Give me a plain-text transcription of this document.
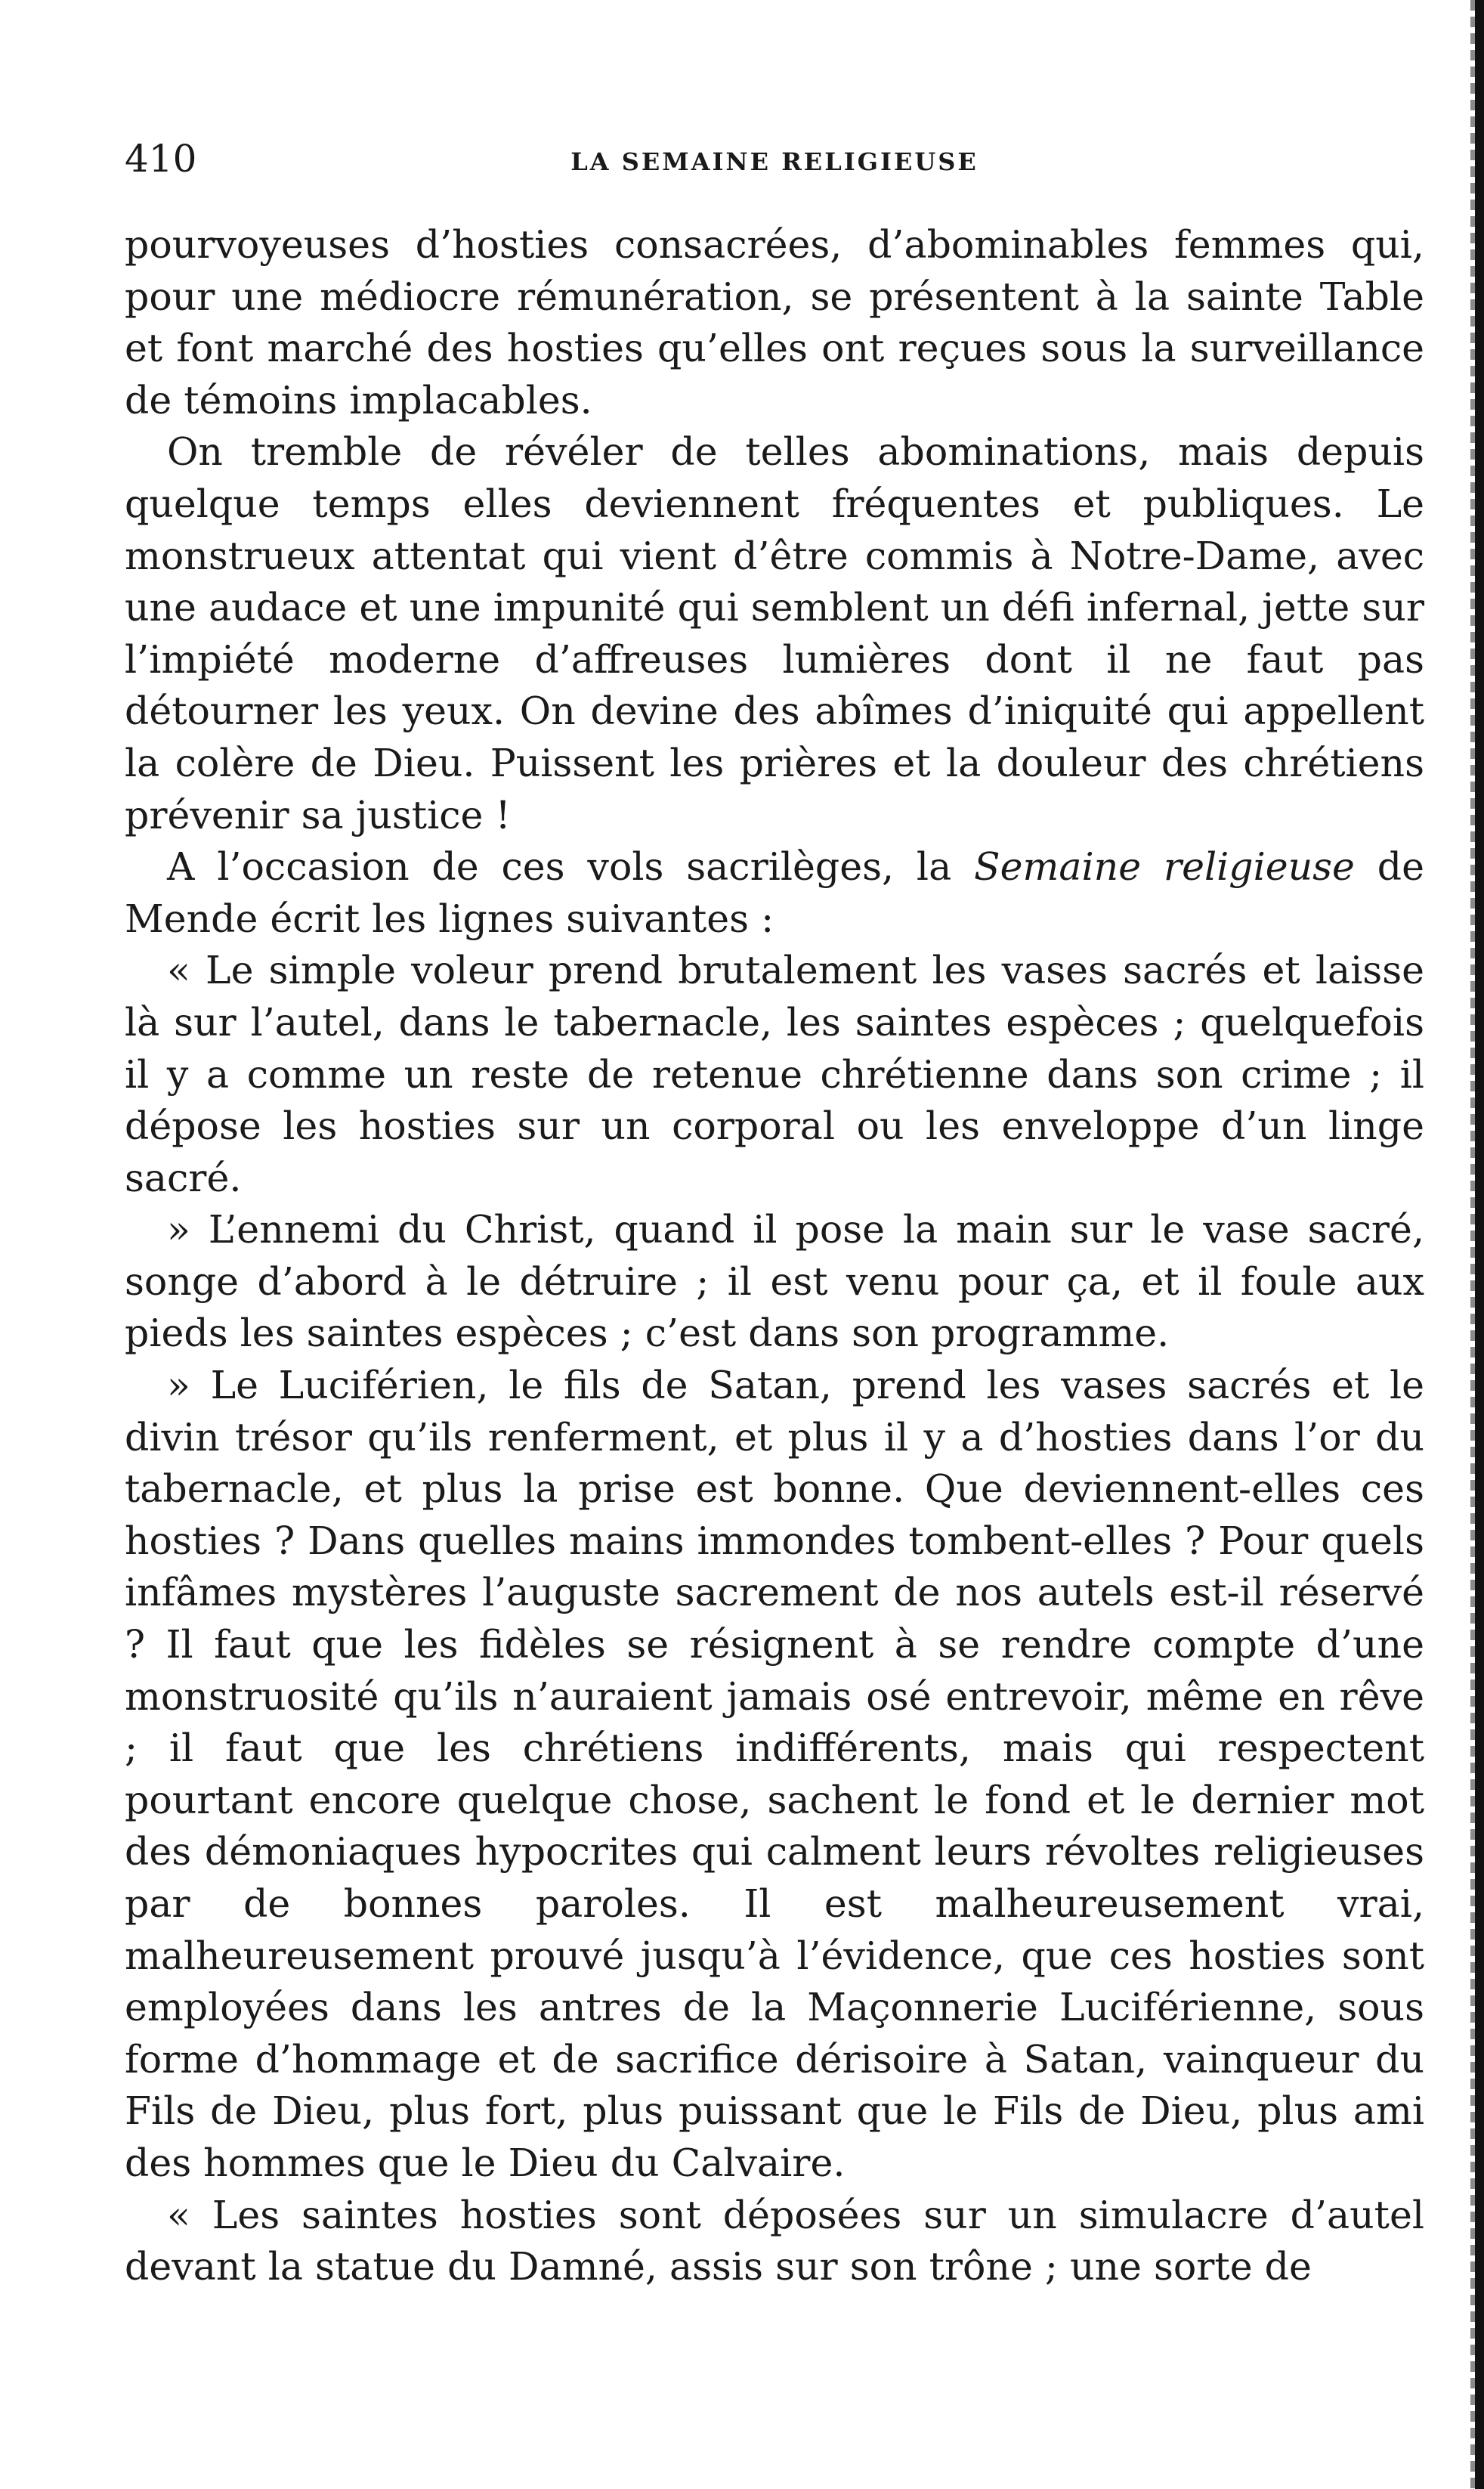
410	LA SEMAINE RELIGIEUSE

pourvoyeuses d’hosties consacrées, d’abominables femmes qui, pour une médiocre rémunération, se présentent à la sainte Table et font marché des hosties qu’elles ont reçues sous la surveillance de témoins implacables.

On tremble de révéler de telles abominations, mais depuis quelque temps elles deviennent fréquentes et publiques. Le monstrueux attentat qui vient d’être commis à Notre-Dame, avec une audace et une impunité qui semblent un défi infernal, jette sur l’impiété moderne d’affreuses lumières dont il ne faut pas détourner les yeux. On devine des abîmes d’iniquité qui appellent la colère de Dieu. Puissent les prières et la douleur des chrétiens prévenir sa justice !

A l’occasion de ces vols sacrilèges, la Semaine religieuse de Mende écrit les lignes suivantes :

« Le simple voleur prend brutalement les vases sacrés et laisse là sur l’autel, dans le tabernacle, les saintes espèces ; quelquefois il y a comme un reste de retenue chrétienne dans son crime ; il dépose les hosties sur un corporal ou les enveloppe d’un linge sacré.

» L’ennemi du Christ, quand il pose la main sur le vase sacré, songe d’abord à le détruire ; il est venu pour ça, et il foule aux pieds les saintes espèces ; c’est dans son programme.

» Le Luciférien, le fils de Satan, prend les vases sacrés et le divin trésor qu’ils renferment, et plus il y a d’hosties dans l’or du tabernacle, et plus la prise est bonne. Que deviennent-elles ces hosties ? Dans quelles mains immondes tombent-elles ? Pour quels infâmes mystères l’auguste sacrement de nos autels est-il réservé ? Il faut que les fidèles se résignent à se rendre compte d’une monstruosité qu’ils n’auraient jamais osé entrevoir, même en rêve ; il faut que les chrétiens indifférents, mais qui respectent pourtant encore quelque chose, sachent le fond et le dernier mot des démoniaques hypocrites qui calment leurs révoltes religieuses par de bonnes paroles. Il est malheureusement vrai, malheureusement prouvé jusqu’à l’évidence, que ces hosties sont employées dans les antres de la Maçonnerie Luciférienne, sous forme d’hommage et de sacrifice dérisoire à Satan, vainqueur du Fils de Dieu, plus fort, plus puissant que le Fils de Dieu, plus ami des hommes que le Dieu du Calvaire.

« Les saintes hosties sont déposées sur un simulacre d’autel devant la statue du Damné, assis sur son trône ; une sorte de
